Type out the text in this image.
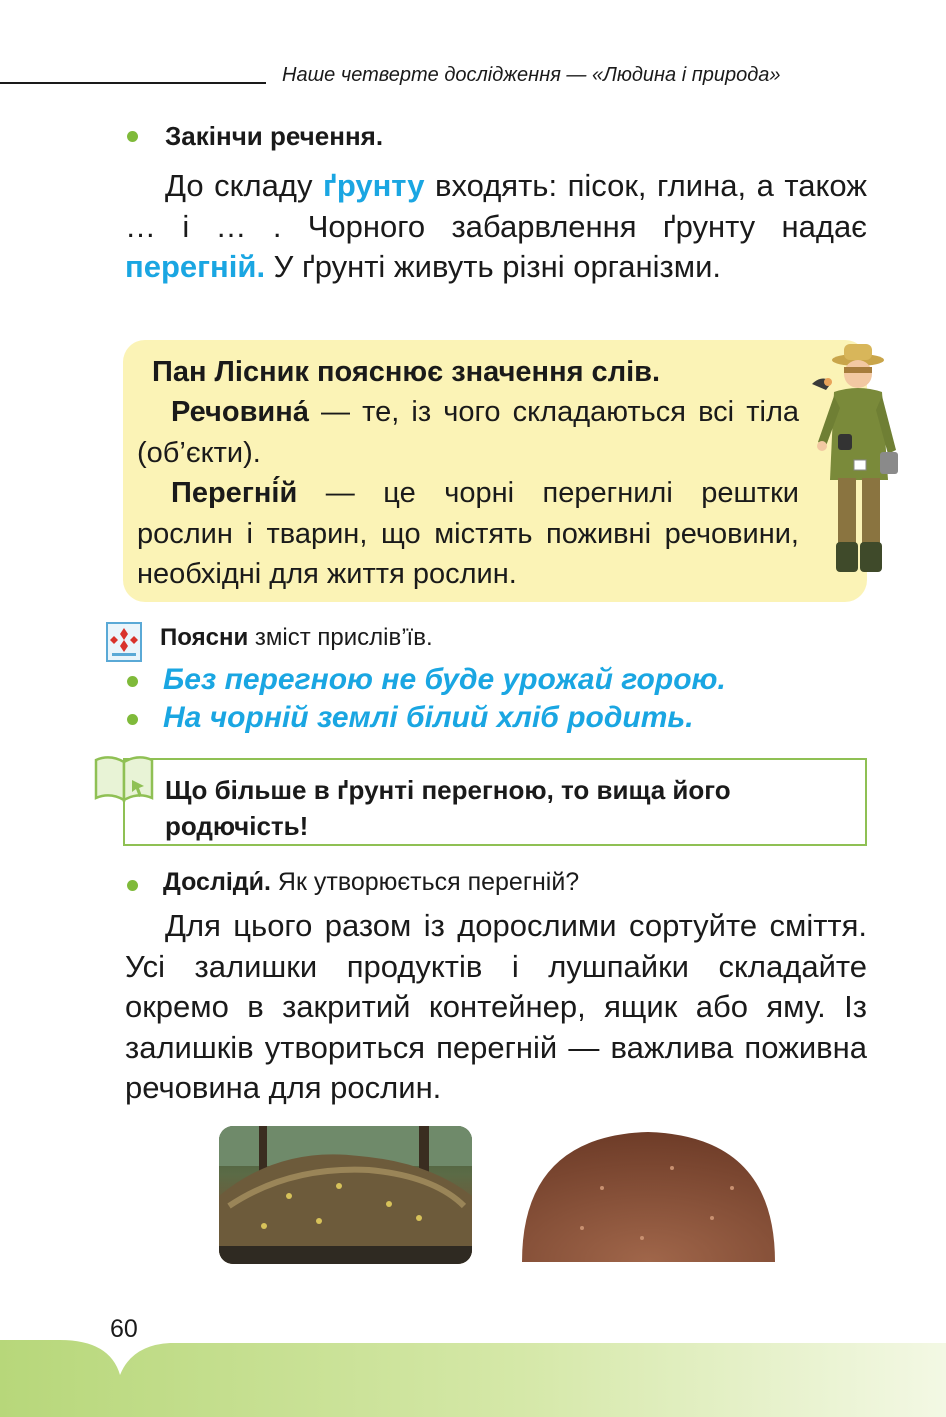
Наше четверте дослідження — «Людина і природа»
Закінчи речення.
До складу ґрунту входять: пісок, глина, а також … і … . Чорного забарвлення ґрунту надає перегній. У ґрунті живуть різні організми.
Пан Лісник пояснює значення слів.
Речовина́ — те, із чого складаються всі тіла (об’єкти).
Перегні́й — це чорні перегнилі рештки рослин і тварин, що містять поживні речовини, необхідні для життя рослин.
Поясни зміст прислів’їв.
Без перегною не буде урожай горою.
На чорній землі білий хліб родить.
Що більше в ґрунті перегною, то вища його родючість!
Дослiди́. Як утворюється перегній?
Для цього разом із дорослими сортуйте сміття. Усі залишки продуктів і лушпайки складайте окремо в закритий контейнер, ящик або яму. Із залишків утвориться перегній — важлива поживна речовина для рослин.
60
